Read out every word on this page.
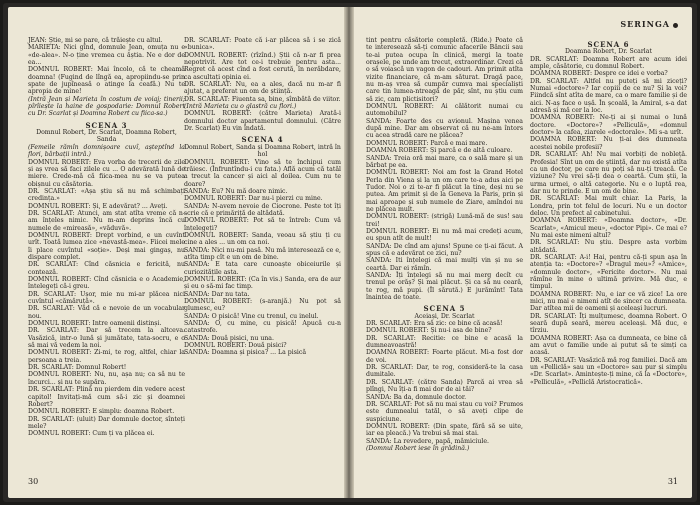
JEAN: Știe, mi se pare, că trăiește cu altul.

MARIETA: Nici gînd, domnule Jean, omuța nu e «de-alea». N-o ține vremea cu ăștia. Ne e dor de ea...

DOMNUL ROBERT: Mai încolo, că te cheamă doamna! (Fugind de lîngă ea, apropiindu-se prin spate de jupîneasă o atinge la ceafă.) Nu te apropia de mine!

(Intră Jean și Marieta în costum de voiaj; tinerii; pîrîiește la haine de gospodarie: Domnul Robert cu Dr. Scarlat și Doamna Robert cu fiica-sa.)

SCENA 3

Domnul Robert, Dr. Scarlat, Doamna Robert, Sanda

(Femeile rămîn domnișoare cuvî, așteptînd la flori, bărbații intră.)

DOMNUL ROBERT: Eva vorba de trecerii de zile și aș vrea să faci zilele cu ... O adevărată lună de miere. Crede-mă că fiica-mea nu se va putea obișnui cu căsătoria.

DR. SCARLAT: «Așa știu să nu mă schimbați credința.»

DOMNUL ROBERT: Și, E adevărat? ... Aveți.

DR. SCARLAT: Atunci, am stat atîta vreme că n-am înțeles nimic. Nu m-am deprins încă cu numele de «mireasă», «văduvă».

DOMNUL ROBERT: Drept vorbind, e un cuvînt urît. Toată lumea zice «nevastă-mea». Fiicei mele îi place cuvîntul «soție». Deși mai gingaș, nu dispare complet.

DR. SCARLAT: Cînd căsnicia e fericită, nu contează.

DOMNUL ROBERT: Cînd căsnicia e o Academie, întelegeți că-i greu.

DR. SCARLAT: Ușor, mie nu mi-ar plăcea nici cuvîntul «cămăruță».

DR. SCARLAT: Văd că e nevoie de un vocabular nou.

DOMNUL ROBERT: Intre oamenii distinși.

DR. SCARLAT: Dar să trecem la altceva. Vasăzică, intr-o lună și jumătate, tata-socru, e o să mai vă vedem la noi.

DOMNUL ROBERT: Zi-mi, te rog, altfel, chiar la persoana a treia.

DR. SCARLAT: Domnul Robert!

DOMNUL ROBERT: Nu, nu, așa nu; ca să nu te încurci... și nu te supăra.

DR. SCARLAT: Plină nu pierdem din vedere acest capitol! Invitați-mă cum să-i zic și doamnei Robert?

DOMNUL ROBERT: E simplu: doamna Robert.

DR. SCARLAT: (uluit) Dar domnule doctor, sînteți mele?

DOMNUL ROBERT: Cum ți va plăcea ei.

DR. SCARLAT: Poate că i-ar plăcea să i se zică «bunica».

DOMNUL ROBERT: (rîzînd.) Știi că n-ar fi prea nepotrivit. Are tot ce-i trebuie pentru asta... Regret că acest cînd a fost cerută, în nerăbdare, ca ascultați opinia ei.

DR. SCARLAT: Nu, ea a ales, dacă nu m-ar fi ajutat, a preferat un om de știință.

DR. SCARLAT: Fiuenta sa, bine, sîmbătă de viitor.

(Intră Marieta cu o glastră cu flori.)

DOMNUL ROBERT: (către Marieta) Arată-i domnului doctor apartamentul domnului. (Către Dr. Scarlat) Eu vin îndată.

SCENA 4

Domnul Robert, Sanda și Doamna Robert, intră în hol

DOMNUL ROBERT: Vino să te închipui cum trăiesc. (Înfruntîndu-i cu fata.) Află acum că tatăl a trecut la cancer și aici al doilea. Cum nu te doare?

SANDA: Eu? Nu mă doare nimic.

DOMNUL ROBERT: Dar nu-i pierzi cu mine.

SANDA: N-avem nevoie de Ciocrone. Peste tot îți scrie că e primăriță de altădată.

DOMNUL ROBERT: Pot să te întreb: Cum vă înțelegeți?

DOMNUL ROBERT: Sanda, veoau să știu ți cu cine a ales ... un om ca noi.

SANDA: Nici nu-mi pasă. Nu mă interesează ce e, atîta timp cît e un om de bine.

SANDA: E tata care cunoaște obiceiurile și curiozitățile asta.

DOMNUL ROBERT: (Ca în vis.) Sanda, era de aur și eu o să-mi fac timp.

SANDA: Dar nu tata.

DOMNUL ROBERT: (s-aranjă.) Nu pot să glumesc, eu?

SANDA: O pisică! Vine cu trenul, cu inelul.

SANDA: O, cu mine, cu pisică! Apucă cu-n catastrofe.

SANDA: Două pisici, nu una.

DOMNUL ROBERT: Două pisici?

SANDA: Doamna și pisica? ... La pisică

30
SERINGA

tint pentru căsătorie completă. (Ride.) Poate că te interesează să-ți comunic afacerile Băncii sau te-ai putea ocupa în clinică, mergi la toate orașele, pe unde am trecut, extraordinar. Crezi că o să voiască un vagon de cadouri. Am primit atîta vizite financiare, că m-am săturat. Dragă pace, nu m-aș vrea să cumpăr cumva mai specialiști care tin lumea-ntreagă de păr, sînt, nu știu cum să zic, cam plictisitori?

DOMNUL ROBERT: Ai călătorit numai cu automobilul?

SANDA: Foarte des cu avionul. Mașina venea după mine. Dar am observat că nu ne-am întors cu acea stradă care ne plăcea?

DOMNUL ROBERT: Parcă e mai mare.

DOAMNA ROBERT: Și parcă e de altă culoare.

SANDA: Treia oră mai mare, ca o sală mare și un bărbat pe ea.

DOMNUL ROBERT: Noi am fost la Grand Hotel Perla din Viena și la un om care te-a adus aici pe Tudor. Noi o zi te-ar fi plăcut la tine, deși nu se putea. Am primit și de la Geneva la Paris, prin și mai aproape și sub numele de Ziare, amîndoi nu ne plăcea mult.

DOMNUL ROBERT: (strigă) Lună-mă de sus! sau trei!

DOMNUL ROBERT: Ei nu mă mai credeți acum, eu spun atît de mult!

SANDA: De cînd am ajuns! Spune ce ți-ai făcut. A spus că e adevărat ce zici, nu?

SANDA: Iti înțelegi că mai mulți vin și nu se ceartă. Dar ei rămîn.

SANDA: Îți înțelegi să nu mai merg decît cu trenul pe orăș? Și mai plăcut. Și ca să nu ceară, te rog, mă pupi. (Îl sărută.) E jurămînt! Tata înaintea de toate.

SCENA 5

Aceiași, Dr. Scarlat

DR. SCARLAT: Era să zic: ce bine că acasă!

DOMNUL ROBERT: Și nu-i asa de bine?

DR. SCARLAT: Recitie: ce bine e acasă la dumneavoastră!

DOAMNA ROBERT: Foarte plăcut. Mi-a fost dor de voi.

DR. SCARLAT: Dar, te rog, consideră-te la casa dumitale.

DR. SCARLAT: (către Sanda) Parcă ai vrea să plîngi, Nu îți-a fi mai dor de ai tăi?

SANDA: Ba da, domnule doctor.

DR. SCARLAT: Pot să nu mai stau cu voi? Frumos este dumnealui tatăl, o să aveți clipe de suspiciune.

DOMNUL ROBERT: (Din spate, fără să se uite, iar ea pleacă.) Va trebui să mai stai.

SANDA: La revedere, papă, mămiciule.

(Domnul Robert iese în grădină.)

SCENA 6

Doamna Robert, Dr. Scarlat

DR. SCARLAT: Doamna Robert are acum idei ample, căsătorie, cu domnul Robert.

DOAMNA ROBERT: Despre ce idei e vorba?

DR. SCARLAT: Altfel nu puteți să mi ziceți? Numai «doctore»? Iar copiii de ce nu? Și la voi? Fiindcă sînt atîta de mare, ca o mare familie și de aici. N-aș face o ușă. În școală, la Amiral, s-a dat adresă și mă cer la loc.

DOAMNA ROBERT: Ne-ți ai și numai o lună doctore. «Doctore»? «Pelliculă», «domnul doctor» la cafea, ziarele «doctorale». Mi s-a urît.

DOAMNA ROBERT: Nu ți-ai des dumneata acestei nobile profesii?

DR. SCARLAT: Ah! Nu mai vorbiți de nobleță. Profesia! Sînt un om de știință, dar nu există atîta ca un doctor, pe care nu poți să nu-ți treacă. Ce viziune? Nu vrei să-ți dea o ceartă. Cum știi, la urma urmei, o altă categorie. Nu e o luptă rea, dar nu te prinde. E un om de bine.

DR. SCARLAT: Mai mult chiar. La Paris, la Londra, prin tot felul de locuri. Nu e un doctor deloc. Un prefect al cabinetului.

DOAMNA ROBERT: «Doamna doctor», «Dr. Scarlat», «Amicul meu», «doctor Pipi». Ce mai e? Nu mai este nimeni altul?

DR. SCARLAT: Nu știu. Despre asta vorbim altădată.

DR. SCARLAT: A-i! Hai, pentru că-ți spun așa în atenția ta: «Doctore»? «Dragul meu»? «Amice», «domnule doctor», «Fericite doctor». Nu mai rămîne în mine o ultimă privire. Mă duc, e timpul.

DOAMNA ROBERT: Nu, e iar ce vă zice! La ore mici, nu mai e nimeni atît de sincer ca dumneata. Dar atîtea mii de oameni și aceleași lucruri.

DR. SCARLAT: Îți mulțumesc, doamna Robert. O seară după seară, mereu aceleași. Mă duc, e tîrziu.

DOAMNA ROBERT: Așa ca dumneata, ce bine că am avut o familie unde ai putut să te simți ca acasă.

DR. SCARLAT: Vasăzică mă rog familiei. Dacă am un «Pelliclă» sau un «Doctore» sau pur și simplu «Dr. Scarlat». Amintește-ți mine, că la «Doctore», «Pelliculă», «Pelliclă Aristocratică».

31
